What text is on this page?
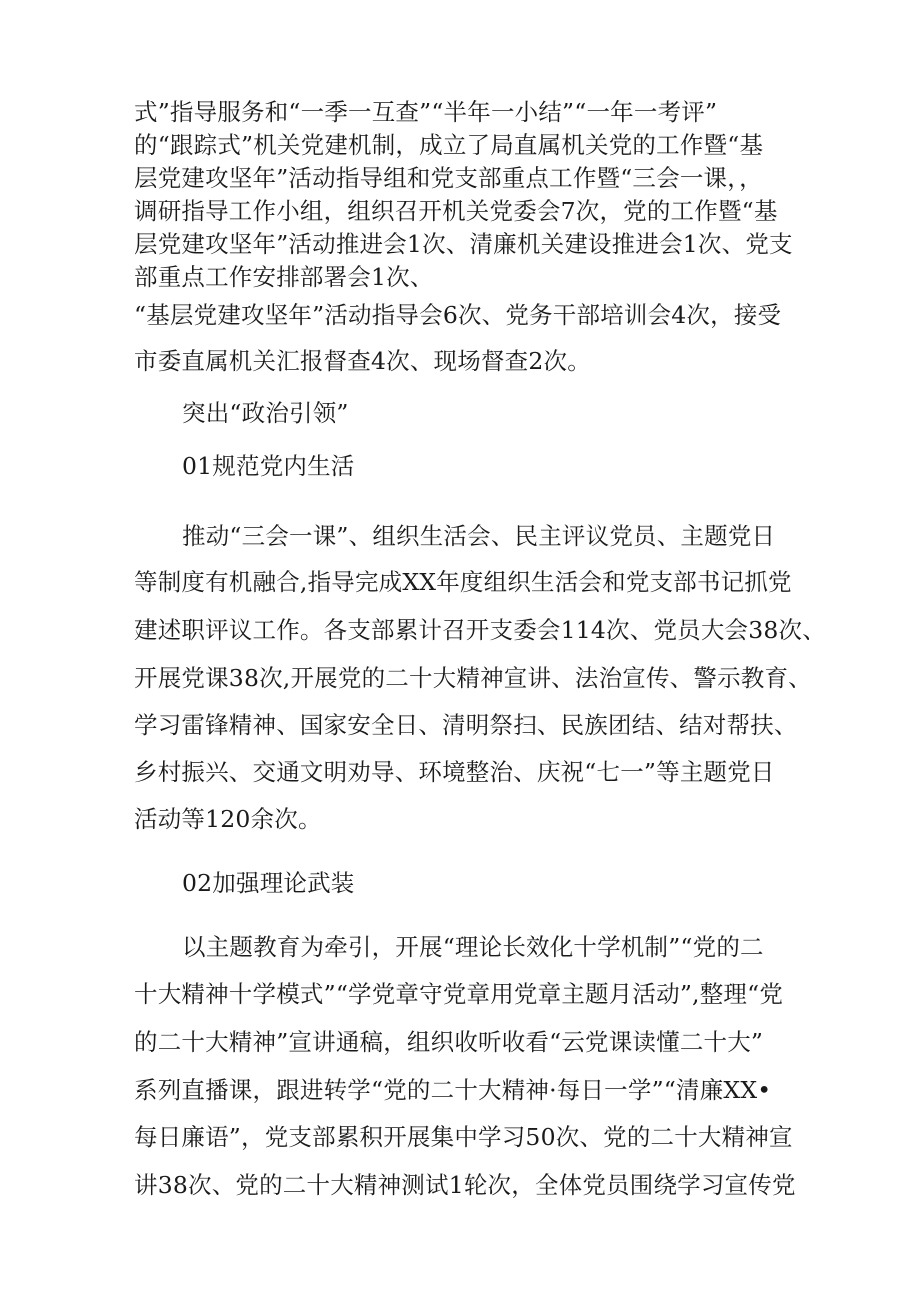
式”指导服务和“一季一互查”“半年一小结”“一年一考评”
的“跟踪式”机关党建机制，成立了局直属机关党的工作暨“基
层党建攻坚年”活动指导组和党支部重点工作暨“三会一课，，
调研指导工作小组，组织召开机关党委会7次，党的工作暨“基
层党建攻坚年”活动推进会1次、清廉机关建设推进会1次、党支
部重点工作安排部署会1次、
“基层党建攻坚年”活动指导会6次、党务干部培训会4次，接受
市委直属机关汇报督查4次、现场督查2次。
突出“政治引领”
01规范党内生活
推动“三会一课”、组织生活会、民主评议党员、主题党日
等制度有机融合,指导完成XX年度组织生活会和党支部书记抓党
建述职评议工作。各支部累计召开支委会114次、党员大会38次、
开展党课38次,开展党的二十大精神宣讲、法治宣传、警示教育、
学习雷锋精神、国家安全日、清明祭扫、民族团结、结对帮扶、
乡村振兴、交通文明劝导、环境整治、庆祝“七一”等主题党日
活动等120余次。
02加强理论武装
以主题教育为牵引，开展“理论长效化十学机制”“党的二
十大精神十学模式”“学党章守党章用党章主题月活动”,整理“党
的二十大精神”宣讲通稿，组织收听收看“云党课读懂二十大”
系列直播课，跟进转学“党的二十大精神·每日一学”“清廉XX•
每日廉语”，党支部累积开展集中学习50次、党的二十大精神宣
讲38次、党的二十大精神测试1轮次，全体党员围绕学习宣传党
